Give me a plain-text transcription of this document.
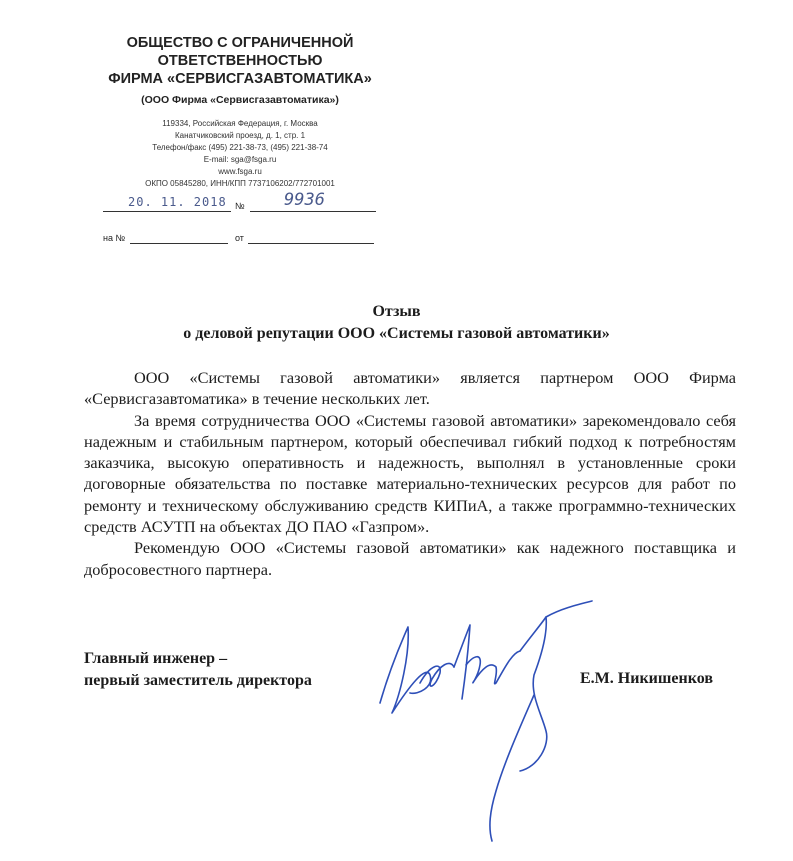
ОБЩЕСТВО С ОГРАНИЧЕННОЙ
ОТВЕТСТВЕННОСТЬЮ
ФИРМА «СЕРВИСГАЗАВТОМАТИКА»
(ООО Фирма «Сервисгазавтоматика»)
119334, Российская Федерация, г. Москва
Канатчиковский проезд, д. 1, стр. 1
Телефон/факс (495) 221-38-73, (495) 221-38-74
E-mail: sga@fsga.ru
www.fsga.ru
ОКПО 05845280, ИНН/КПП 7737106202/772701001
20. 11. 2018 № 9936
на №	от
Отзыв
о деловой репутации ООО «Системы газовой автоматики»

ООО «Системы газовой автоматики» является партнером ООО Фирма «Сервисгазавтоматика» в течение нескольких лет.

За время сотрудничества ООО «Системы газовой автоматики» зарекомендовало себя надежным и стабильным партнером, который обеспечивал гибкий подход к потребностям заказчика, высокую оперативность и надежность, выполнял в установленные сроки договорные обязательства по поставке материально-технических ресурсов для работ по ремонту и техническому обслуживанию средств КИПиА, а также программно-технических средств АСУТП на объектах ДО ПАО «Газпром».

Рекомендую ООО «Системы газовой автоматики» как надежного поставщика и добросовестного партнера.

Главный инженер –
первый заместитель директора	Е.М. Никишенков
